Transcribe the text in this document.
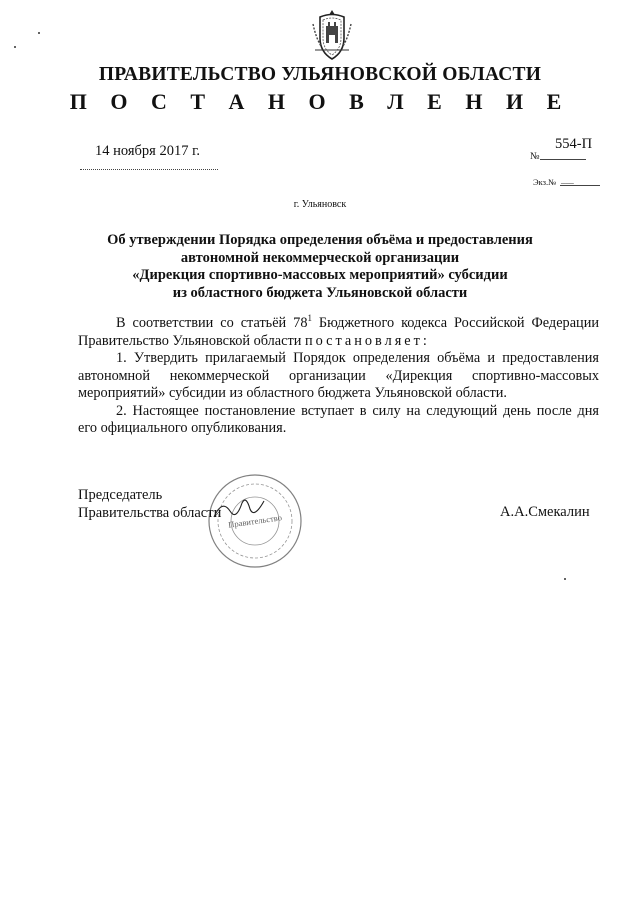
ПРАВИТЕЛЬСТВО УЛЬЯНОВСКОЙ ОБЛАСТИ
П О С Т А Н О В Л Е Н И Е
14 ноября 2017 г.	№
554-П
Экз.№ ___
г. Ульяновск
Об утверждении Порядка определения объёма и предоставления
автономной некоммерческой организации
«Дирекция спортивно-массовых мероприятий» субсидии
из областного бюджета Ульяновской области

В соответствии со статьёй $78^1$ Бюджетного кодекса Российской Федерации Правительство Ульяновской области постановляет:

1. Утвердить прилагаемый Порядок определения объёма и предоставления автономной некоммерческой организации «Дирекция спортивно-массовых мероприятий» субсидии из областного бюджета Ульяновской области.

2. Настоящее постановление вступает в силу на следующий день после дня его официального опубликования.

Правительство
Председатель
Правительства области	А.А.Смекалин
